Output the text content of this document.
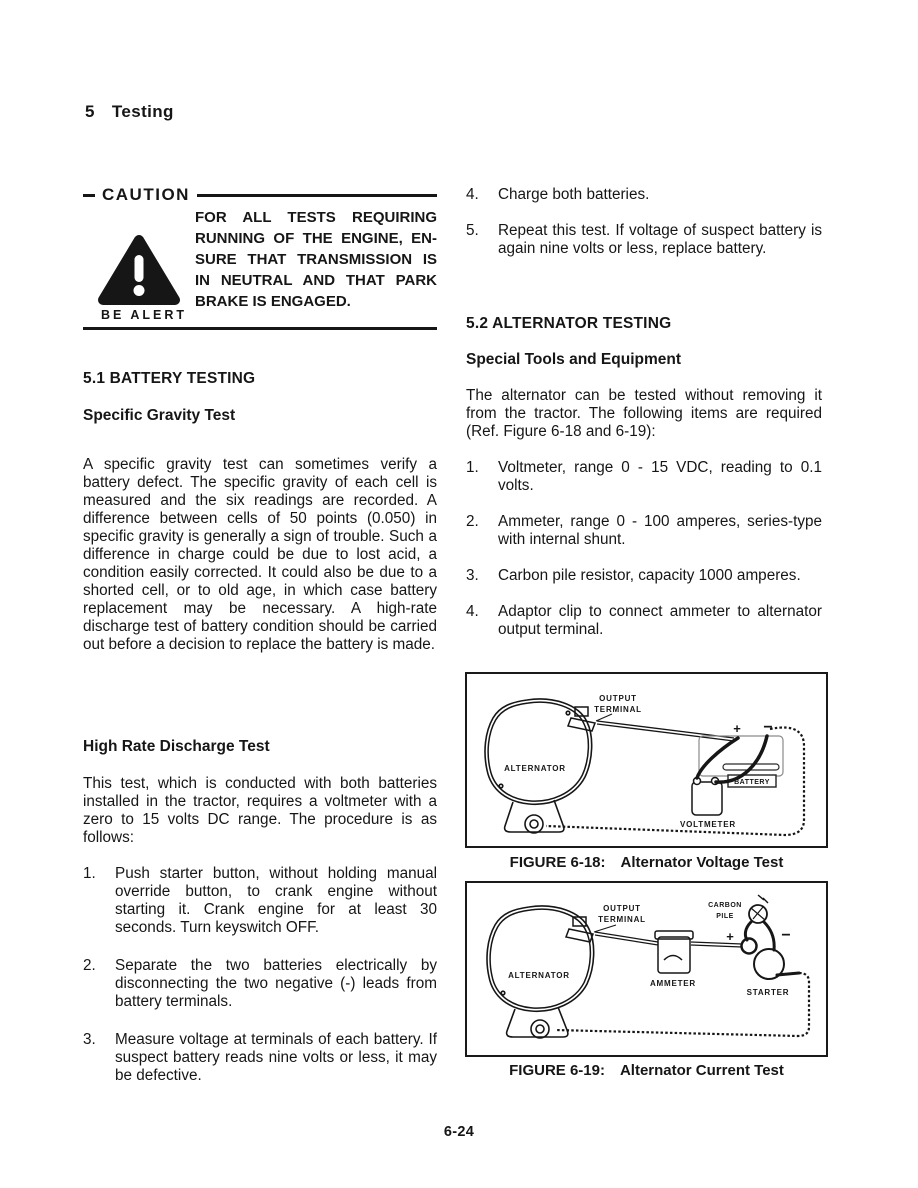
5 Testing
CAUTION
BE ALERT
FOR ALL TESTS REQUIRING
RUNNING OF THE ENGINE, EN-
SURE THAT TRANSMISSION IS
IN NEUTRAL AND THAT PARK
BRAKE IS ENGAGED.
5.1 BATTERY TESTING
Specific Gravity Test
A specific gravity test can sometimes verify a battery defect. The specific gravity of each cell is measured and the six readings are recorded. A difference between cells of 50 points (0.050) in specific gravity is generally a sign of trouble. Such a difference in charge could be due to lost acid, a condition easily corrected. It could also be due to a shorted cell, or to old age, in which case battery replacement may be necessary. A high-rate discharge test of battery condition should be carried out before a decision to replace the battery is made.
High Rate Discharge Test
This test, which is conducted with both batteries installed in the tractor, requires a voltmeter with a zero to 15 volts DC range. The procedure is as follows:
1.	Push starter button, without holding manual override button, to crank engine without starting it. Crank engine for at least 30 seconds. Turn keyswitch OFF.
2.	Separate the two batteries electrically by disconnecting the two negative (-) leads from battery terminals.
3.	Measure voltage at terminals of each battery. If suspect battery reads nine volts or less, it may be defective.
4.	Charge both batteries.
5.	Repeat this test. If voltage of suspect battery is again nine volts or less, replace battery.
5.2 ALTERNATOR TESTING
Special Tools and Equipment
The alternator can be tested without removing it from the tractor. The following items are required (Ref. Figure 6-18 and 6-19):
1.	Voltmeter, range 0 - 15 VDC, reading to 0.1 volts.
2.	Ammeter, range 0 - 100 amperes, series-type with internal shunt.
3.	Carbon pile resistor, capacity 1000 amperes.
4.	Adaptor clip to connect ammeter to alternator output terminal.
OUTPUT
TERMINAL
ALTERNATOR
+ −
BATTERY
VOLTMETER
FIGURE 6-18: Alternator Voltage Test
OUTPUT
TERMINAL
ALTERNATOR
AMMETER
CARBON
PILE
+	−
STARTER
FIGURE 6-19: Alternator Current Test
6-24
